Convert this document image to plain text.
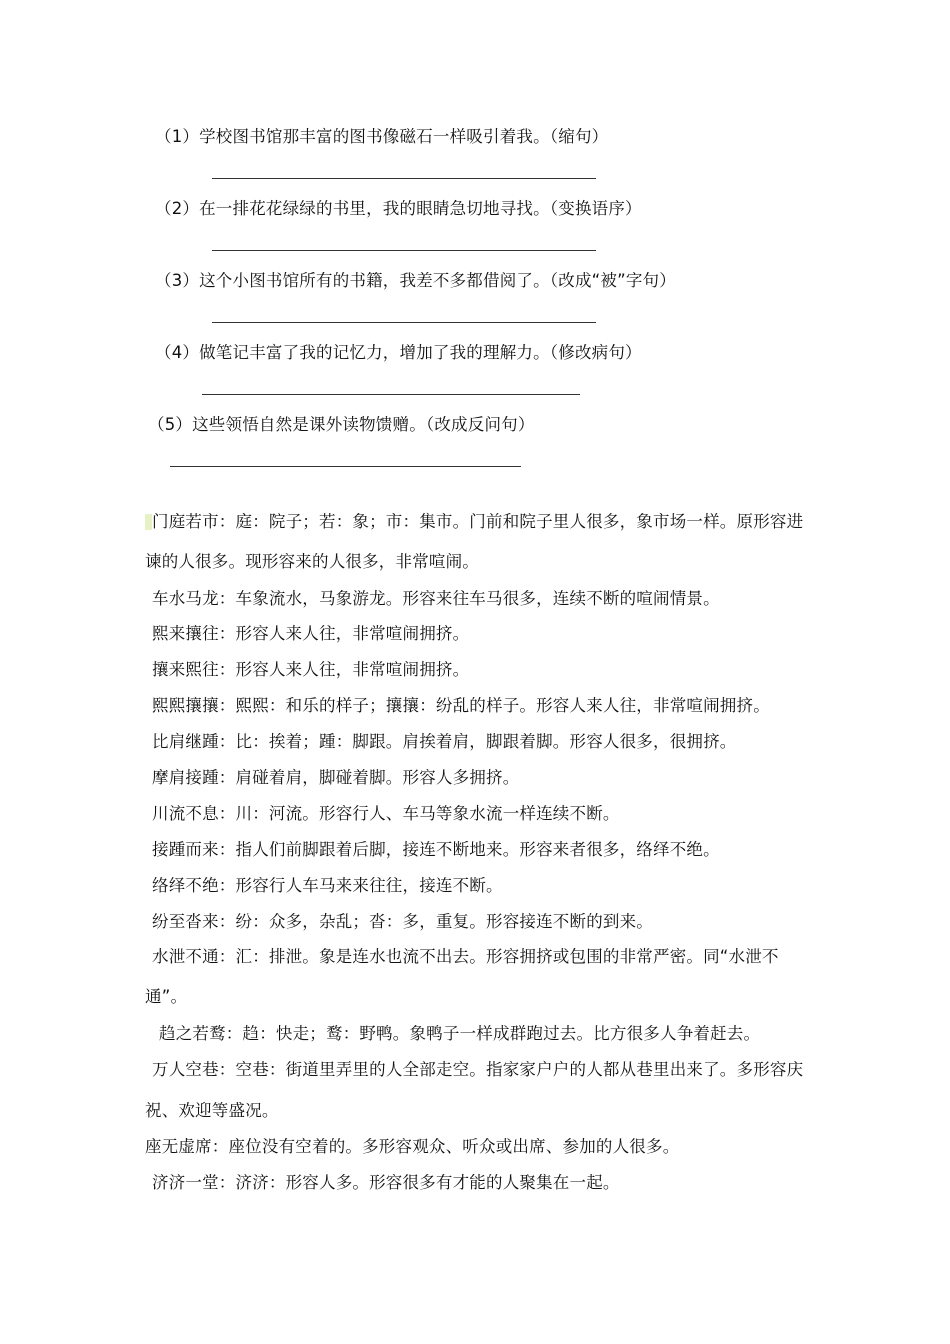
（1）学校图书馆那丰富的图书像磁石一样吸引着我。（缩句）
（2）在一排花花绿绿的书里，我的眼睛急切地寻找。（变换语序）
（3）这个小图书馆所有的书籍，我差不多都借阅了。（改成“被”字句）
（4）做笔记丰富了我的记忆力，增加了我的理解力。（修改病句）
（5）这些领悟自然是课外读物馈赠。（改成反问句）
门庭若市：庭：院子；若：象；市：集市。门前和院子里人很多，象市场一样。原形容进
谏的人很多。现形容来的人很多，非常喧闹。
车水马龙：车象流水，马象游龙。形容来往车马很多，连续不断的喧闹情景。
熙来攘往：形容人来人往，非常喧闹拥挤。
攘来熙往：形容人来人往，非常喧闹拥挤。
熙熙攘攘：熙熙：和乐的样子；攘攘：纷乱的样子。形容人来人往，非常喧闹拥挤。
比肩继踵：比：挨着；踵：脚跟。肩挨着肩，脚跟着脚。形容人很多，很拥挤。
摩肩接踵：肩碰着肩，脚碰着脚。形容人多拥挤。
川流不息：川：河流。形容行人、车马等象水流一样连续不断。
接踵而来：指人们前脚跟着后脚，接连不断地来。形容来者很多，络绎不绝。
络绎不绝：形容行人车马来来往往，接连不断。
纷至沓来：纷：众多，杂乱；沓：多，重复。形容接连不断的到来。
水泄不通：汇：排泄。象是连水也流不出去。形容拥挤或包围的非常严密。同“水泄不
通”。
趋之若鹜：趋：快走；鹜：野鸭。象鸭子一样成群跑过去。比方很多人争着赶去。
万人空巷：空巷：街道里弄里的人全部走空。指家家户户的人都从巷里出来了。多形容庆
祝、欢迎等盛况。
座无虚席：座位没有空着的。多形容观众、听众或出席、参加的人很多。
济济一堂：济济：形容人多。形容很多有才能的人聚集在一起。
